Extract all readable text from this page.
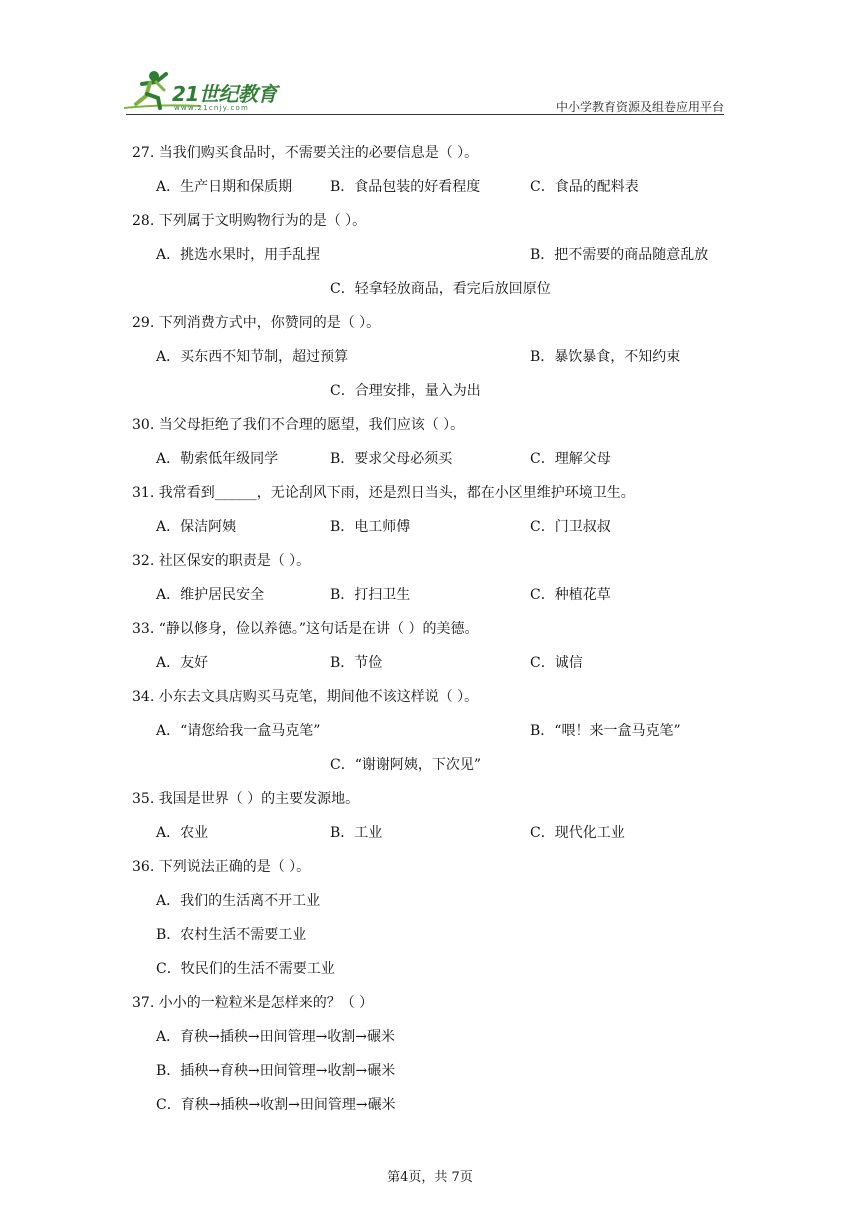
21世纪教育
www.21cnjy.com	中小学教育资源及组卷应用平台
27. 当我们购买食品时，不需要关注的必要信息是（ ）。
A．生产日期和保质期	B．食品包装的好看程度	C．食品的配料表
28. 下列属于文明购物行为的是（ ）。
A．挑选水果时，用手乱捏	B．把不需要的商品随意乱放
C．轻拿轻放商品，看完后放回原位
29. 下列消费方式中，你赞同的是（ ）。
A．买东西不知节制，超过预算	B．暴饮暴食，不知约束
C．合理安排，量入为出
30. 当父母拒绝了我们不合理的愿望，我们应该（ ）。
A．勒索低年级同学	B．要求父母必须买	C．理解父母
31. 我常看到______，无论刮风下雨，还是烈日当头，都在小区里维护环境卫生。
A．保洁阿姨	B．电工师傅	C．门卫叔叔
32. 社区保安的职责是（ ）。
A．维护居民安全	B．打扫卫生	C．种植花草
33. “静以修身，俭以养德。”这句话是在讲（ ）的美德。
A．友好	B．节俭	C．诚信
34. 小东去文具店购买马克笔，期间他不该这样说（ ）。
A．“请您给我一盒马克笔”	B．“喂！来一盒马克笔”
C．“谢谢阿姨，下次见”
35. 我国是世界（ ）的主要发源地。
A．农业	B．工业	C．现代化工业
36. 下列说法正确的是（ ）。
A．我们的生活离不开工业
B．农村生活不需要工业
C．牧民们的生活不需要工业
37. 小小的一粒粒米是怎样来的？（ ）
A．育秧→插秧→田间管理→收割→碾米
B．插秧→育秧→田间管理→收割→碾米
C．育秧→插秧→收割→田间管理→碾米
第4页，共 7页
